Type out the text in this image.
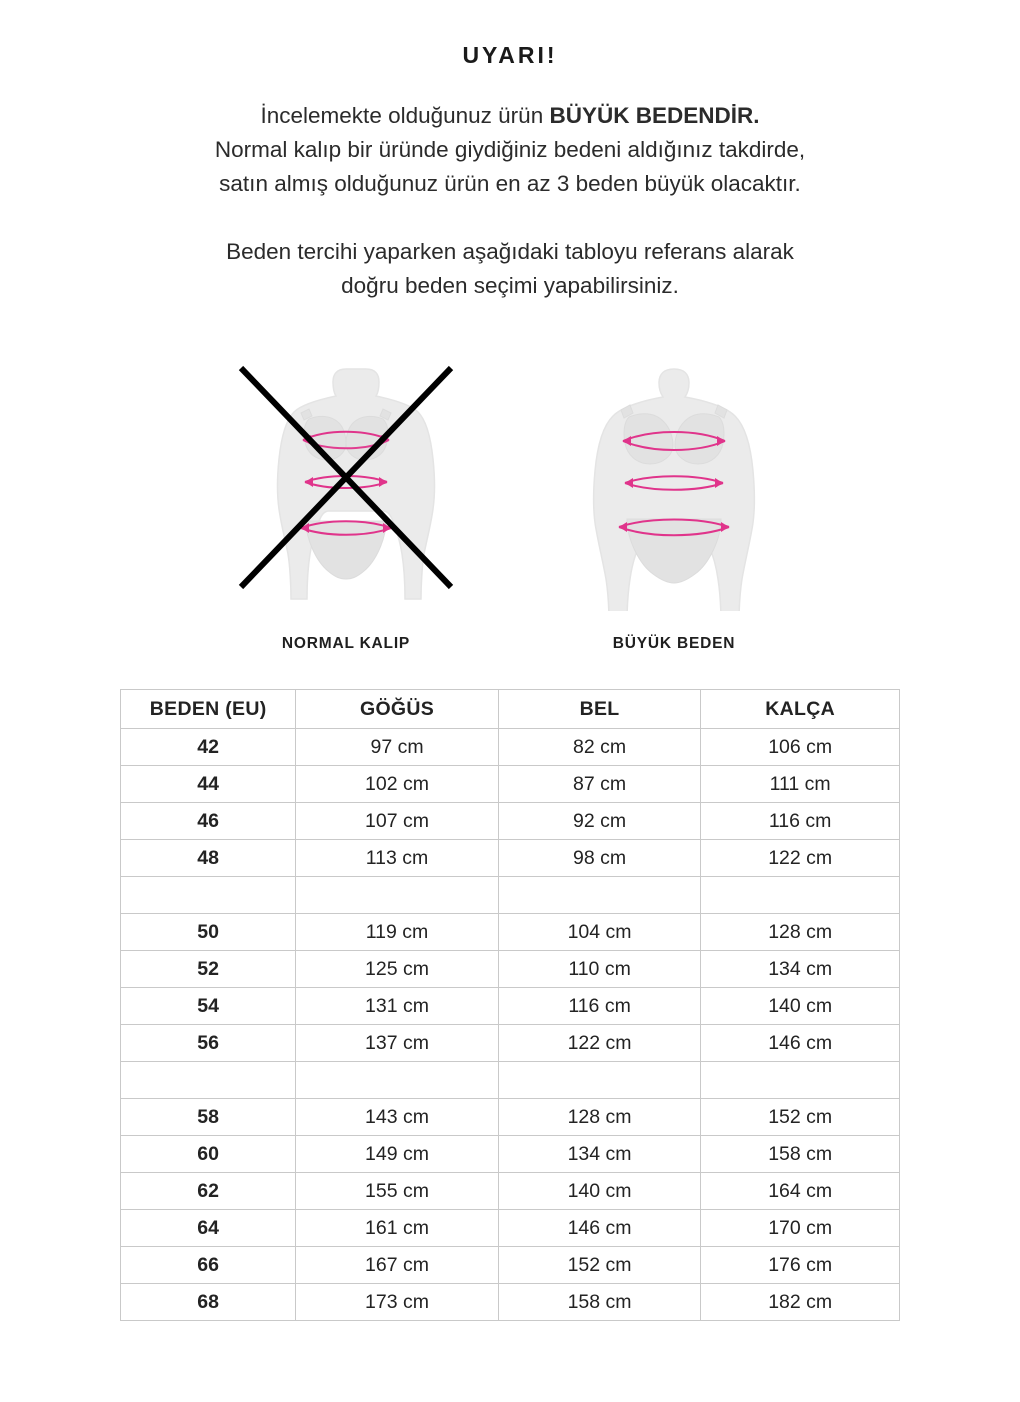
UYARI!

İncelemekte olduğunuz ürün BÜYÜK BEDENDİR.

Normal kalıp bir üründe giydiğiniz bedeni aldığınız takdirde,

satın almış olduğunuz ürün en az 3 beden büyük olacaktır.

Beden tercihi yaparken aşağıdaki tabloyu referans alarak

doğru beden seçimi yapabilirsiniz.

NORMAL KALIP	BÜYÜK BEDEN
BEDEN (EU)	GÖĞÜS	BEL	KALÇA
42	97 cm	82 cm	106 cm
44	102 cm	87 cm	111 cm
46	107 cm	92 cm	116 cm
48	113 cm	98 cm	122 cm

50	119 cm	104 cm	128 cm
52	125 cm	110 cm	134 cm
54	131 cm	116 cm	140 cm
56	137 cm	122 cm	146 cm

58	143 cm	128 cm	152 cm
60	149 cm	134 cm	158 cm
62	155 cm	140 cm	164 cm
64	161 cm	146 cm	170 cm
66	167 cm	152 cm	176 cm
68	173 cm	158 cm	182 cm
